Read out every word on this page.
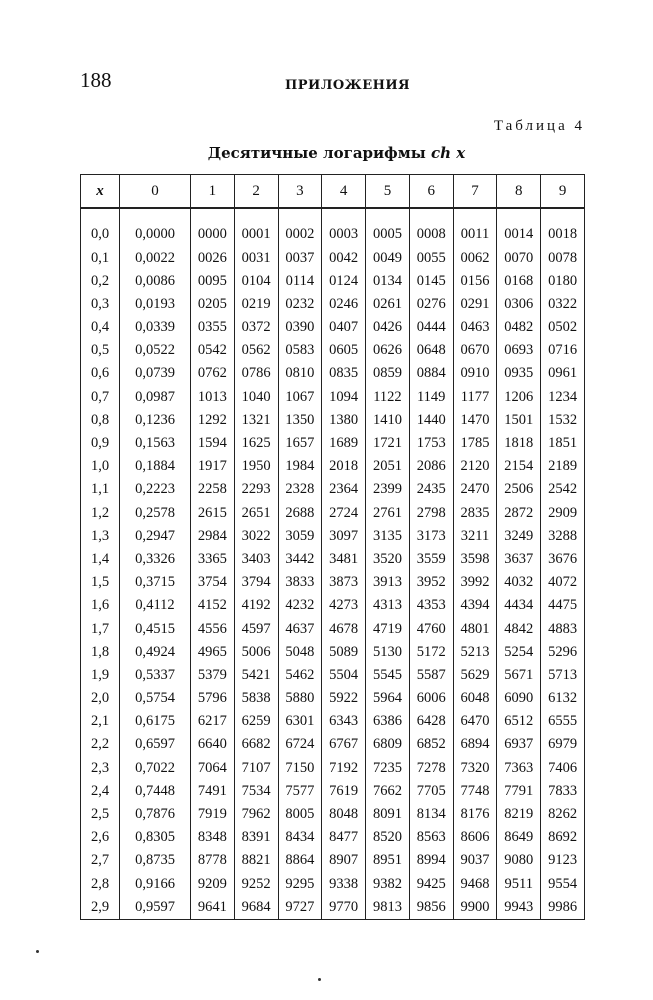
188	ПРИЛОЖЕНИЯ
Таблица 4
Десятичные логарифмы ch x
x	0	1	2	3	4	5	6	7	8	9

0,0	0,0000	0000	0001	0002	0003	0005	0008	0011	0014	0018
0,1	0,0022	0026	0031	0037	0042	0049	0055	0062	0070	0078
0,2	0,0086	0095	0104	0114	0124	0134	0145	0156	0168	0180
0,3	0,0193	0205	0219	0232	0246	0261	0276	0291	0306	0322
0,4	0,0339	0355	0372	0390	0407	0426	0444	0463	0482	0502
0,5	0,0522	0542	0562	0583	0605	0626	0648	0670	0693	0716
0,6	0,0739	0762	0786	0810	0835	0859	0884	0910	0935	0961
0,7	0,0987	1013	1040	1067	1094	1122	1149	1177	1206	1234
0,8	0,1236	1292	1321	1350	1380	1410	1440	1470	1501	1532
0,9	0,1563	1594	1625	1657	1689	1721	1753	1785	1818	1851
1,0	0,1884	1917	1950	1984	2018	2051	2086	2120	2154	2189
1,1	0,2223	2258	2293	2328	2364	2399	2435	2470	2506	2542
1,2	0,2578	2615	2651	2688	2724	2761	2798	2835	2872	2909
1,3	0,2947	2984	3022	3059	3097	3135	3173	3211	3249	3288
1,4	0,3326	3365	3403	3442	3481	3520	3559	3598	3637	3676
1,5	0,3715	3754	3794	3833	3873	3913	3952	3992	4032	4072
1,6	0,4112	4152	4192	4232	4273	4313	4353	4394	4434	4475
1,7	0,4515	4556	4597	4637	4678	4719	4760	4801	4842	4883
1,8	0,4924	4965	5006	5048	5089	5130	5172	5213	5254	5296
1,9	0,5337	5379	5421	5462	5504	5545	5587	5629	5671	5713
2,0	0,5754	5796	5838	5880	5922	5964	6006	6048	6090	6132
2,1	0,6175	6217	6259	6301	6343	6386	6428	6470	6512	6555
2,2	0,6597	6640	6682	6724	6767	6809	6852	6894	6937	6979
2,3	0,7022	7064	7107	7150	7192	7235	7278	7320	7363	7406
2,4	0,7448	7491	7534	7577	7619	7662	7705	7748	7791	7833
2,5	0,7876	7919	7962	8005	8048	8091	8134	8176	8219	8262
2,6	0,8305	8348	8391	8434	8477	8520	8563	8606	8649	8692
2,7	0,8735	8778	8821	8864	8907	8951	8994	9037	9080	9123
2,8	0,9166	9209	9252	9295	9338	9382	9425	9468	9511	9554
2,9	0,9597	9641	9684	9727	9770	9813	9856	9900	9943	9986
